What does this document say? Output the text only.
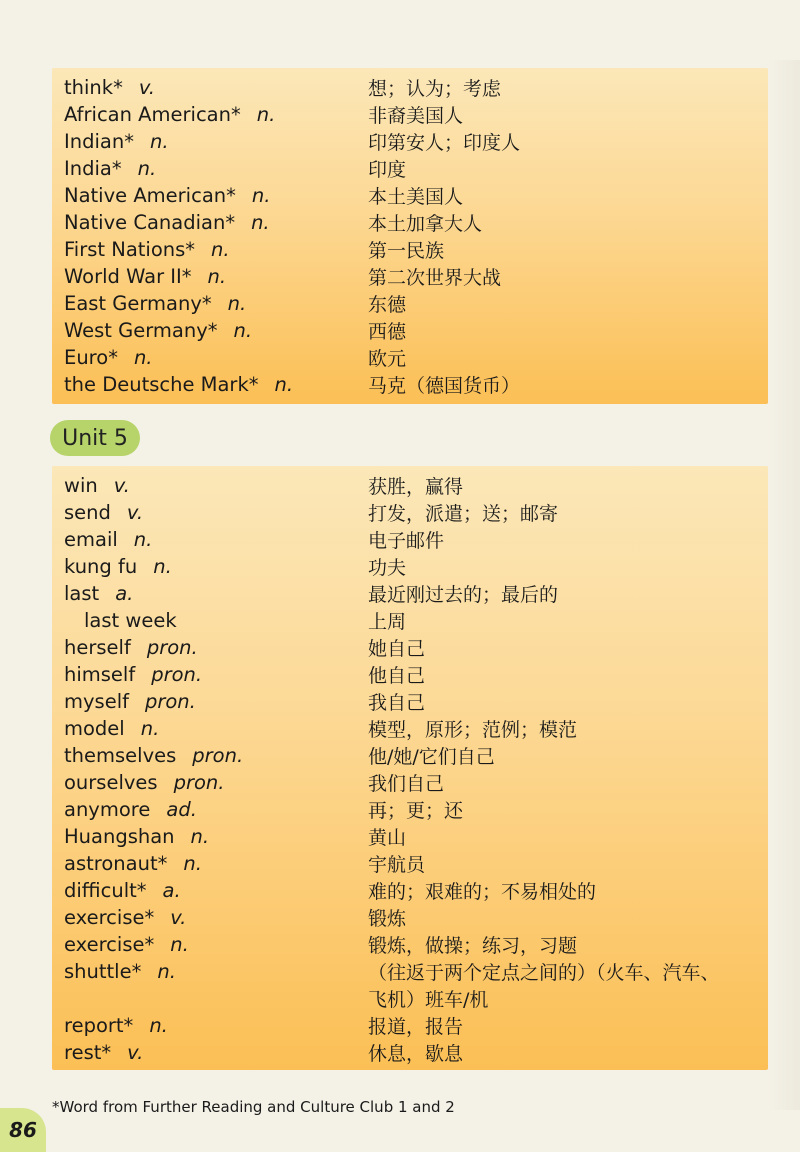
think* v.	想；认为；考虑
African American* n.	非裔美国人
Indian* n.	印第安人；印度人
India* n.	印度
Native American* n.	本土美国人
Native Canadian* n.	本土加拿大人
First Nations* n.	第一民族
World War II* n.	第二次世界大战
East Germany* n.	东德
West Germany* n.	西德
Euro* n.	欧元
the Deutsche Mark* n.	马克（德国货币）
Unit 5
win v.	获胜，赢得
send v.	打发，派遣；送；邮寄
email n.	电子邮件
kung fu n.	功夫
last a.	最近刚过去的；最后的
last week	上周
herself pron.	她自己
himself pron.	他自己
myself pron.	我自己
model n.	模型，原形；范例；模范
themselves pron.	他/她/它们自己
ourselves pron.	我们自己
anymore ad.	再；更；还
Huangshan n.	黄山
astronaut* n.	宇航员
difficult* a.	难的；艰难的；不易相处的
exercise* v.	锻炼
exercise* n.	锻炼，做操；练习，习题
shuttle* n.	（往返于两个定点之间的）（火车、汽车、
飞机）班车/机
report* n.	报道，报告
rest* v.	休息，歇息
*Word from Further Reading and Culture Club 1 and 2
86
